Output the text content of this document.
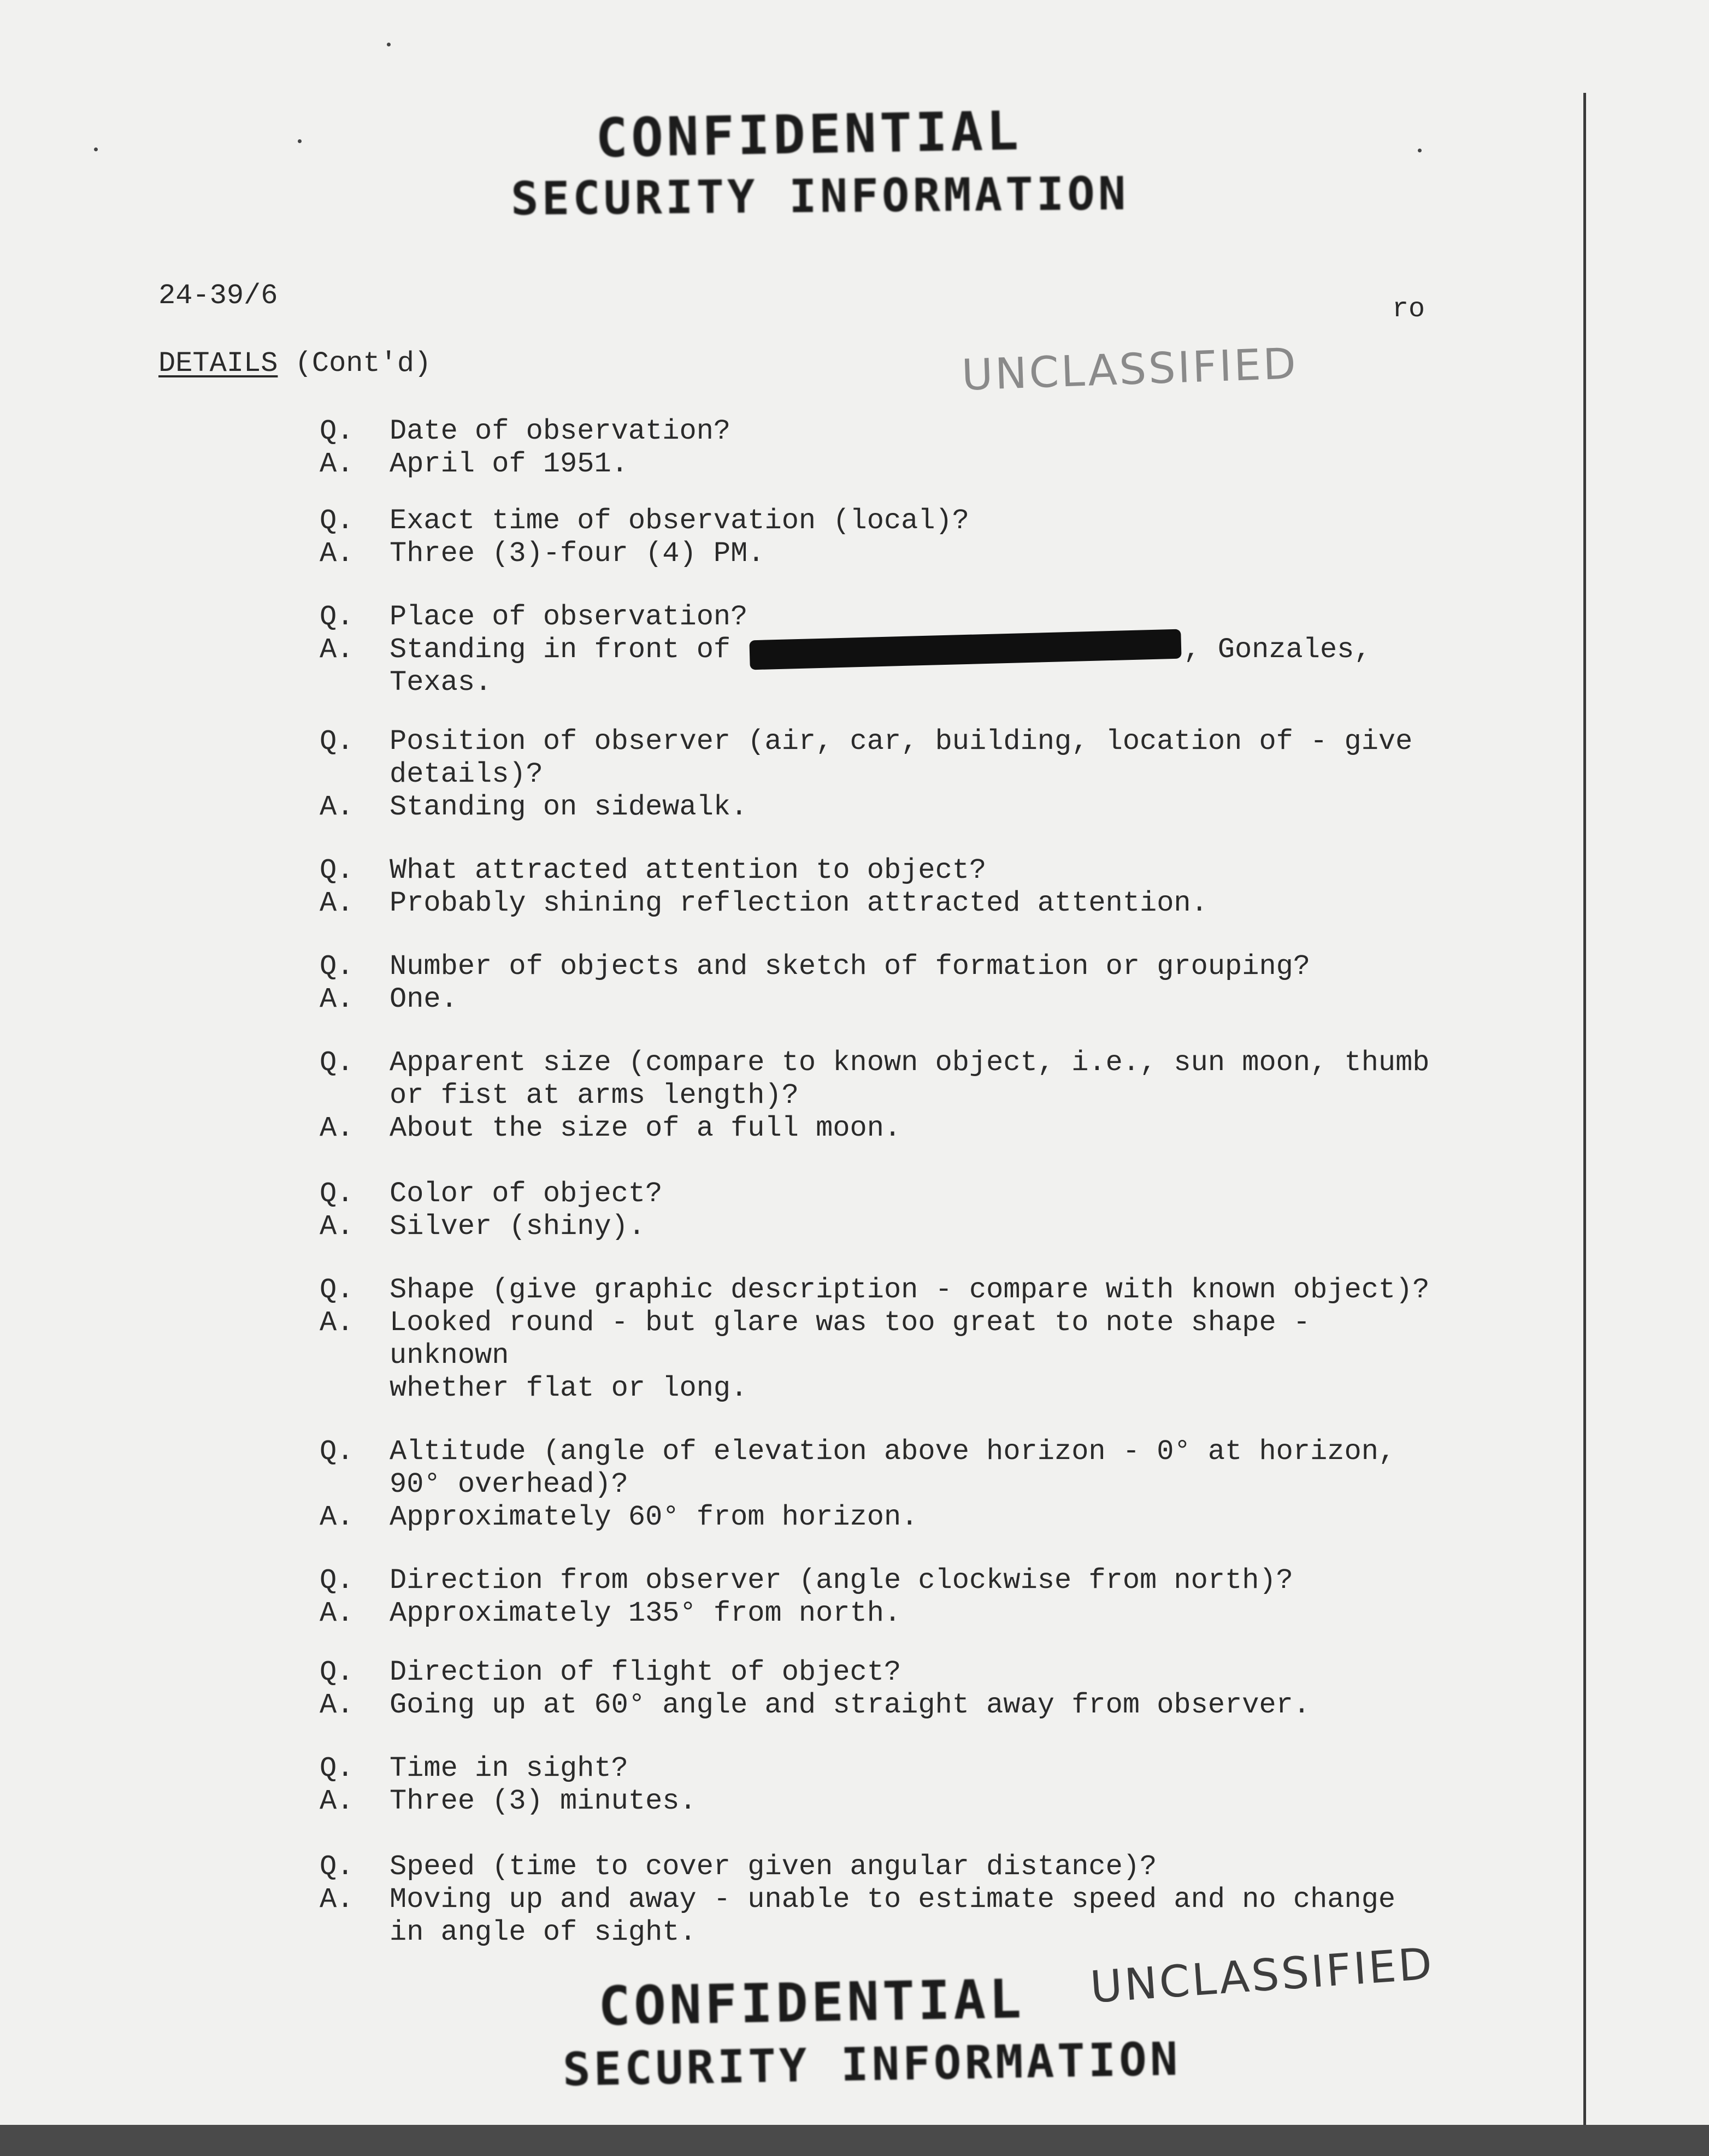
CONFIDENTIAL
SECURITY INFORMATION
24-39/6	ro
DETAILS (Cont'd)	UNCLASSIFIED
Q.	Date of observation?
A.	April of 1951.
Q.	Exact time of observation (local)?
A.	Three (3)-four (4) PM.
Q.	Place of observation?
A.	Standing in front of	, Gonzales,
Texas.
Q.	Position of observer (air, car, building, location of - give
details)?
A.	Standing on sidewalk.
Q.	What attracted attention to object?
A.	Probably shining reflection attracted attention.
Q.	Number of objects and sketch of formation or grouping?
A.	One.
Q.	Apparent size (compare to known object, i.e., sun moon, thumb
or fist at arms length)?
A.	About the size of a full moon.
Q.	Color of object?
A.	Silver (shiny).
Q.	Shape (give graphic description - compare with known object)?
A.	Looked round - but glare was too great to note shape - unknown
whether flat or long.
Q.	Altitude (angle of elevation above horizon - 0° at horizon,
90° overhead)?
A.	Approximately 60° from horizon.
Q.	Direction from observer (angle clockwise from north)?
A.	Approximately 135° from north.
Q.	Direction of flight of object?
A.	Going up at 60° angle and straight away from observer.
Q.	Time in sight?
A.	Three (3) minutes.
Q.	Speed (time to cover given angular distance)?
A.	Moving up and away - unable to estimate speed and no change
in angle of sight.
UNCLASSIFIED
CONFIDENTIAL
SECURITY INFORMATION
